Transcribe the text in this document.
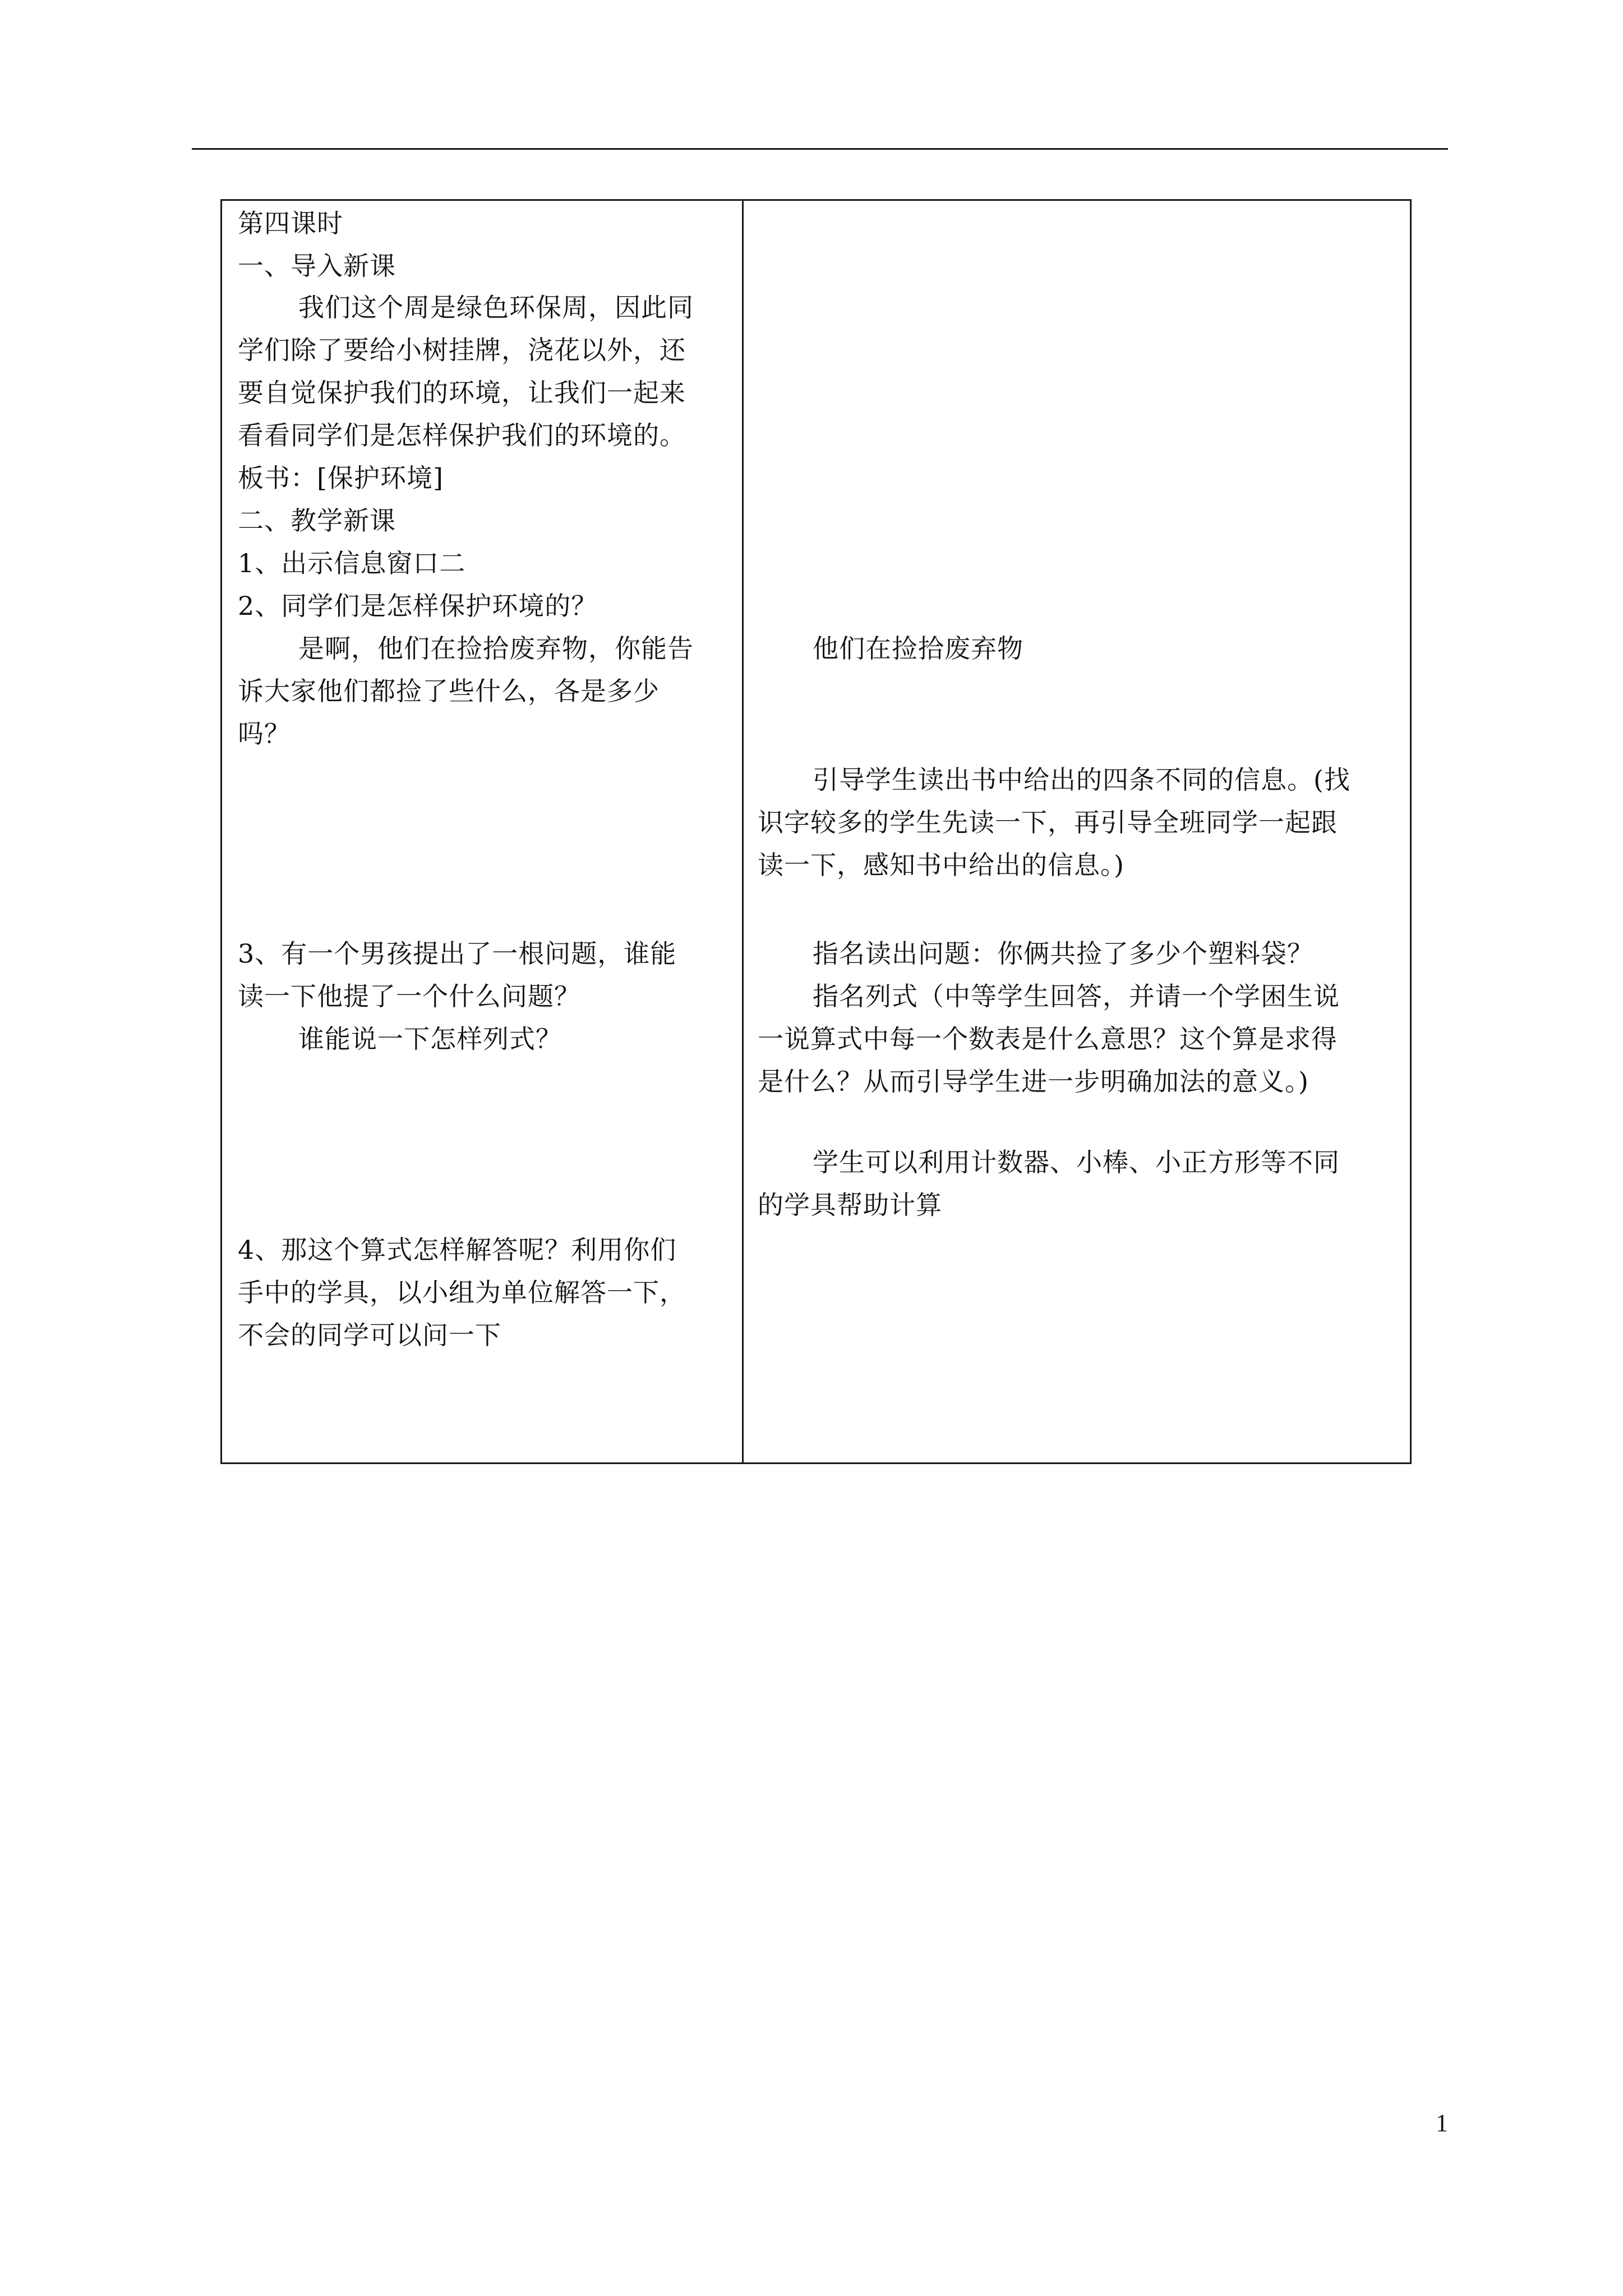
第四课时

一、导入新课

我们这个周是绿色环保周，因此同

学们除了要给小树挂牌，浇花以外，还

要自觉保护我们的环境，让我们一起来

看看同学们是怎样保护我们的环境的。

板书：[保护环境]

二、教学新课

1、出示信息窗口二

2、同学们是怎样保护环境的？

是啊，他们在捡拾废弃物，你能告

诉大家他们都捡了些什么，各是多少

吗？

3、有一个男孩提出了一根问题，谁能

读一下他提了一个什么问题？

谁能说一下怎样列式？

4、那这个算式怎样解答呢？利用你们

手中的学具，以小组为单位解答一下，

不会的同学可以问一下

他们在捡拾废弃物

引导学生读出书中给出的四条不同的信息。(找

识字较多的学生先读一下，再引导全班同学一起跟

读一下，感知书中给出的信息。)

指名读出问题：你俩共捡了多少个塑料袋？

指名列式（中等学生回答，并请一个学困生说

一说算式中每一个数表是什么意思？这个算是求得

是什么？从而引导学生进一步明确加法的意义。)

学生可以利用计数器、小棒、小正方形等不同

的学具帮助计算

1
